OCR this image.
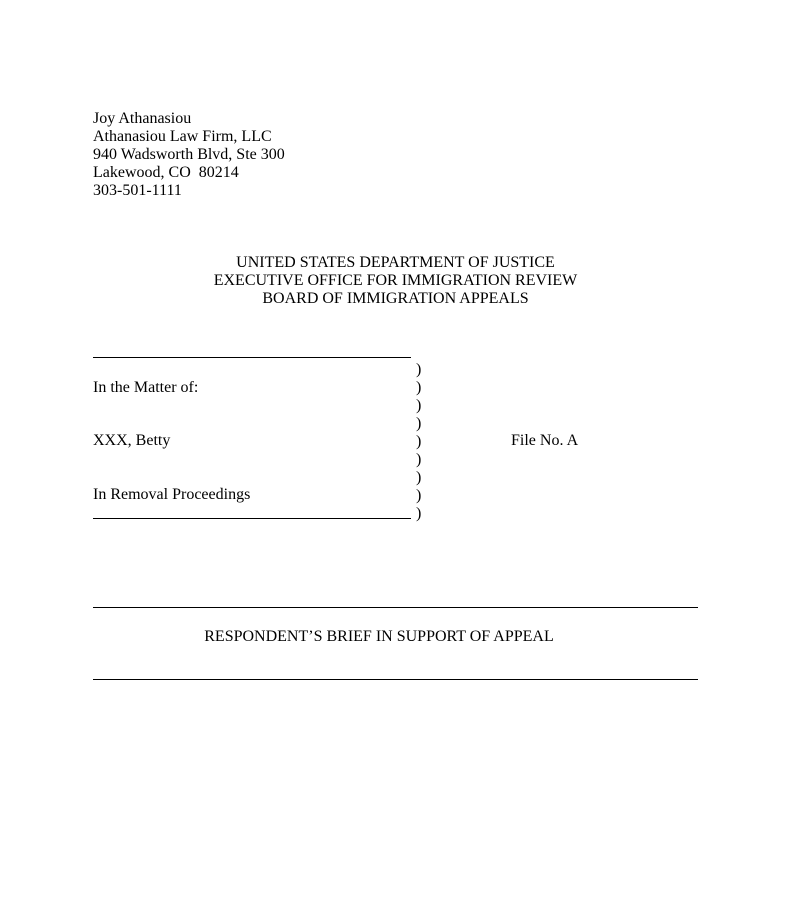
Joy Athanasiou
Athanasiou Law Firm, LLC
940 Wadsworth Blvd, Ste 300
Lakewood, CO  80214
303-501-1111
UNITED STATES DEPARTMENT OF JUSTICE
EXECUTIVE OFFICE FOR IMMIGRATION REVIEW
BOARD OF IMMIGRATION APPEALS
In the Matter of:
XXX, Betty
In Removal Proceedings
)
)
)
)
)
)
)
)
)
File No. A
RESPONDENT’S BRIEF IN SUPPORT OF APPEAL
